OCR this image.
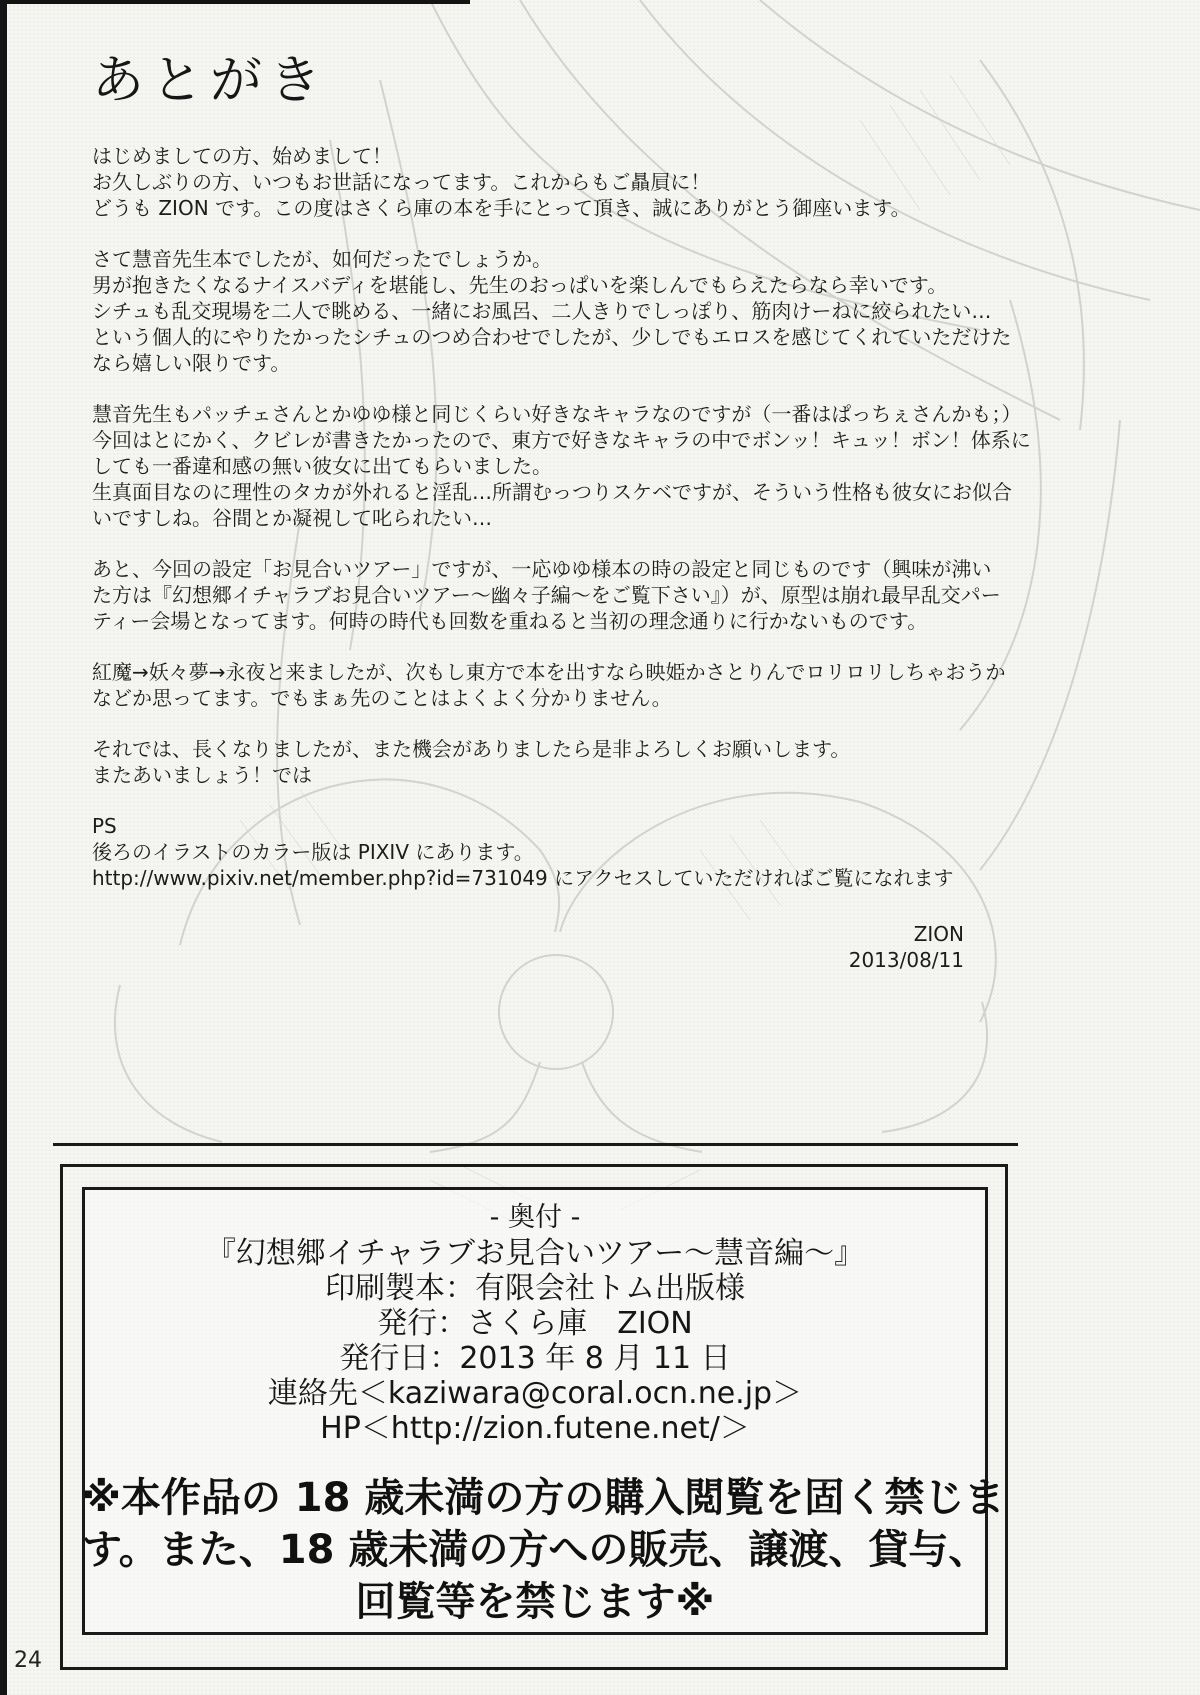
あとがき
はじめましての方、始めまして！
お久しぶりの方、いつもお世話になってます。これからもご贔屓に！
どうも ZION です。この度はさくら庫の本を手にとって頂き、誠にありがとう御座います。
さて慧音先生本でしたが、如何だったでしょうか。
男が抱きたくなるナイスバディを堪能し、先生のおっぱいを楽しんでもらえたらなら幸いです。
シチュも乱交現場を二人で眺める、一緒にお風呂、二人きりでしっぽり、筋肉けーねに絞られたい…
という個人的にやりたかったシチュのつめ合わせでしたが、少しでもエロスを感じてくれていただけた
なら嬉しい限りです。
慧音先生もパッチェさんとかゆゆ様と同じくらい好きなキャラなのですが（一番はぱっちぇさんかも；）
今回はとにかく、クビレが書きたかったので、東方で好きなキャラの中でボンッ！キュッ！ボン！体系に
しても一番違和感の無い彼女に出てもらいました。
生真面目なのに理性のタカが外れると淫乱…所謂むっつりスケベですが、そういう性格も彼女にお似合
いですしね。谷間とか凝視して叱られたい…
あと、今回の設定「お見合いツアー」ですが、一応ゆゆ様本の時の設定と同じものです（興味が沸い
た方は『幻想郷イチャラブお見合いツアー～幽々子編～をご覧下さい』）が、原型は崩れ最早乱交パー
ティー会場となってます。何時の時代も回数を重ねると当初の理念通りに行かないものです。
紅魔→妖々夢→永夜と来ましたが、次もし東方で本を出すなら映姫かさとりんでロリロリしちゃおうか
などか思ってます。でもまぁ先のことはよくよく分かりません。
それでは、長くなりましたが、また機会がありましたら是非よろしくお願いします。
またあいましょう！では
PS
後ろのイラストのカラー版は PIXIV にあります。
http://www.pixiv.net/member.php?id=731049 にアクセスしていただければご覧になれます
ZION
2013/08/11
- 奥付 -
『幻想郷イチャラブお見合いツアー～慧音編～』
印刷製本：有限会社トム出版様
発行：さくら庫　ZION
発行日：2013 年 8 月 11 日
連絡先＜kaziwara@coral.ocn.ne.jp＞
HP＜http://zion.futene.net/＞
※本作品の 18 歳未満の方の購入閲覧を固く禁じま
す。また、18 歳未満の方への販売、譲渡、貸与、
回覧等を禁じます※
24
